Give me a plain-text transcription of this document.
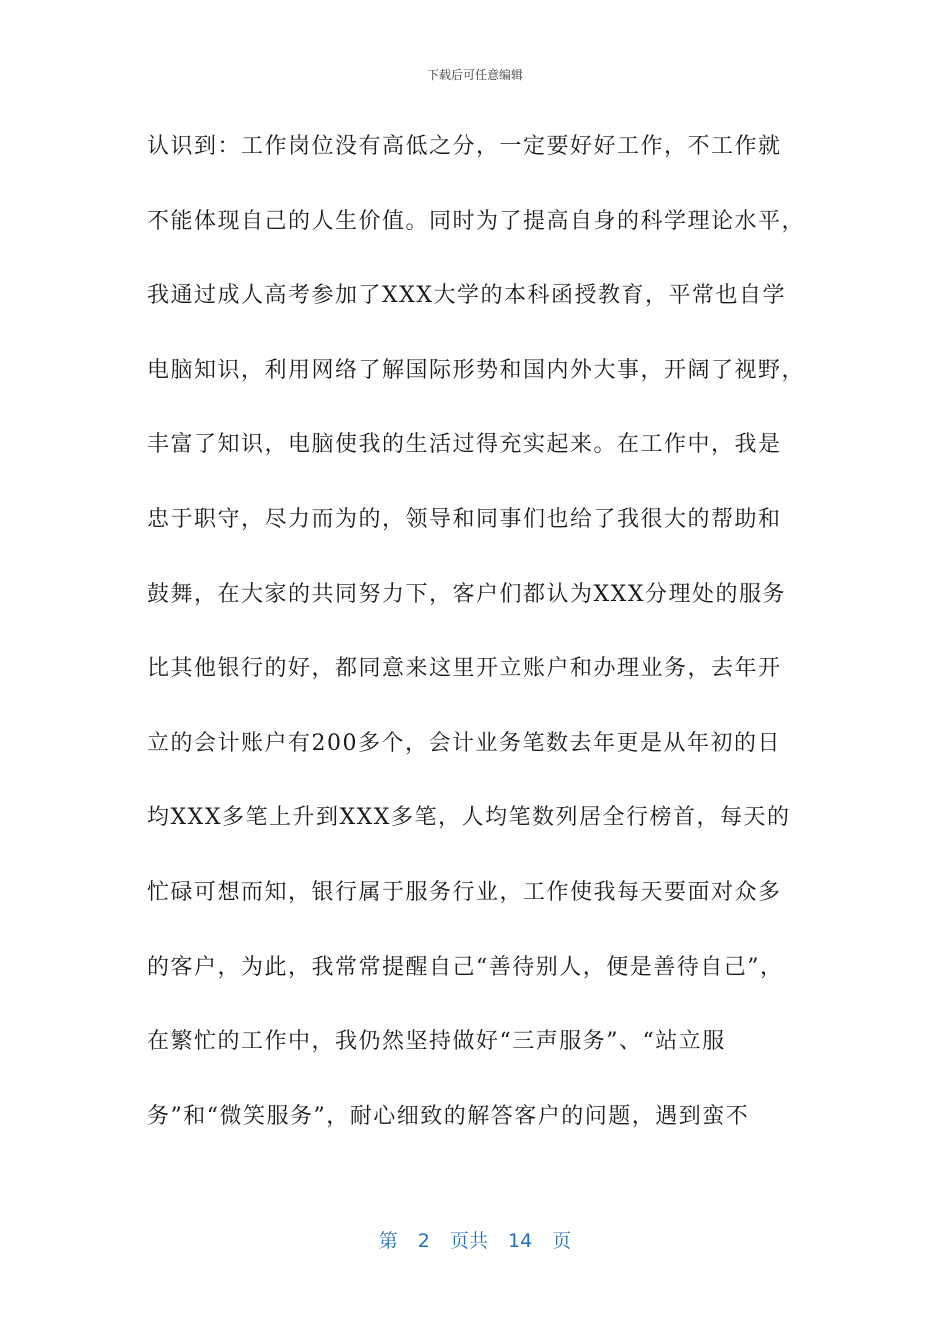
下载后可任意编辑
认识到：工作岗位没有高低之分，一定要好好工作，不工作就
不能体现自己的人生价值。同时为了提高自身的科学理论水平，
我通过成人高考参加了XXX大学的本科函授教育，平常也自学
电脑知识，利用网络了解国际形势和国内外大事，开阔了视野，
丰富了知识，电脑使我的生活过得充实起来。在工作中，我是
忠于职守，尽力而为的，领导和同事们也给了我很大的帮助和
鼓舞，在大家的共同努力下，客户们都认为XXX分理处的服务
比其他银行的好，都同意来这里开立账户和办理业务，去年开
立的会计账户有200多个，会计业务笔数去年更是从年初的日
均XXX多笔上升到XXX多笔，人均笔数列居全行榜首，每天的
忙碌可想而知，银行属于服务行业，工作使我每天要面对众多
的客户，为此，我常常提醒自己“善待别人，便是善待自己”，
在繁忙的工作中，我仍然坚持做好“三声服务”、“站立服
务”和“微笑服务”，耐心细致的解答客户的问题，遇到蛮不
第 2 页共 14 页
